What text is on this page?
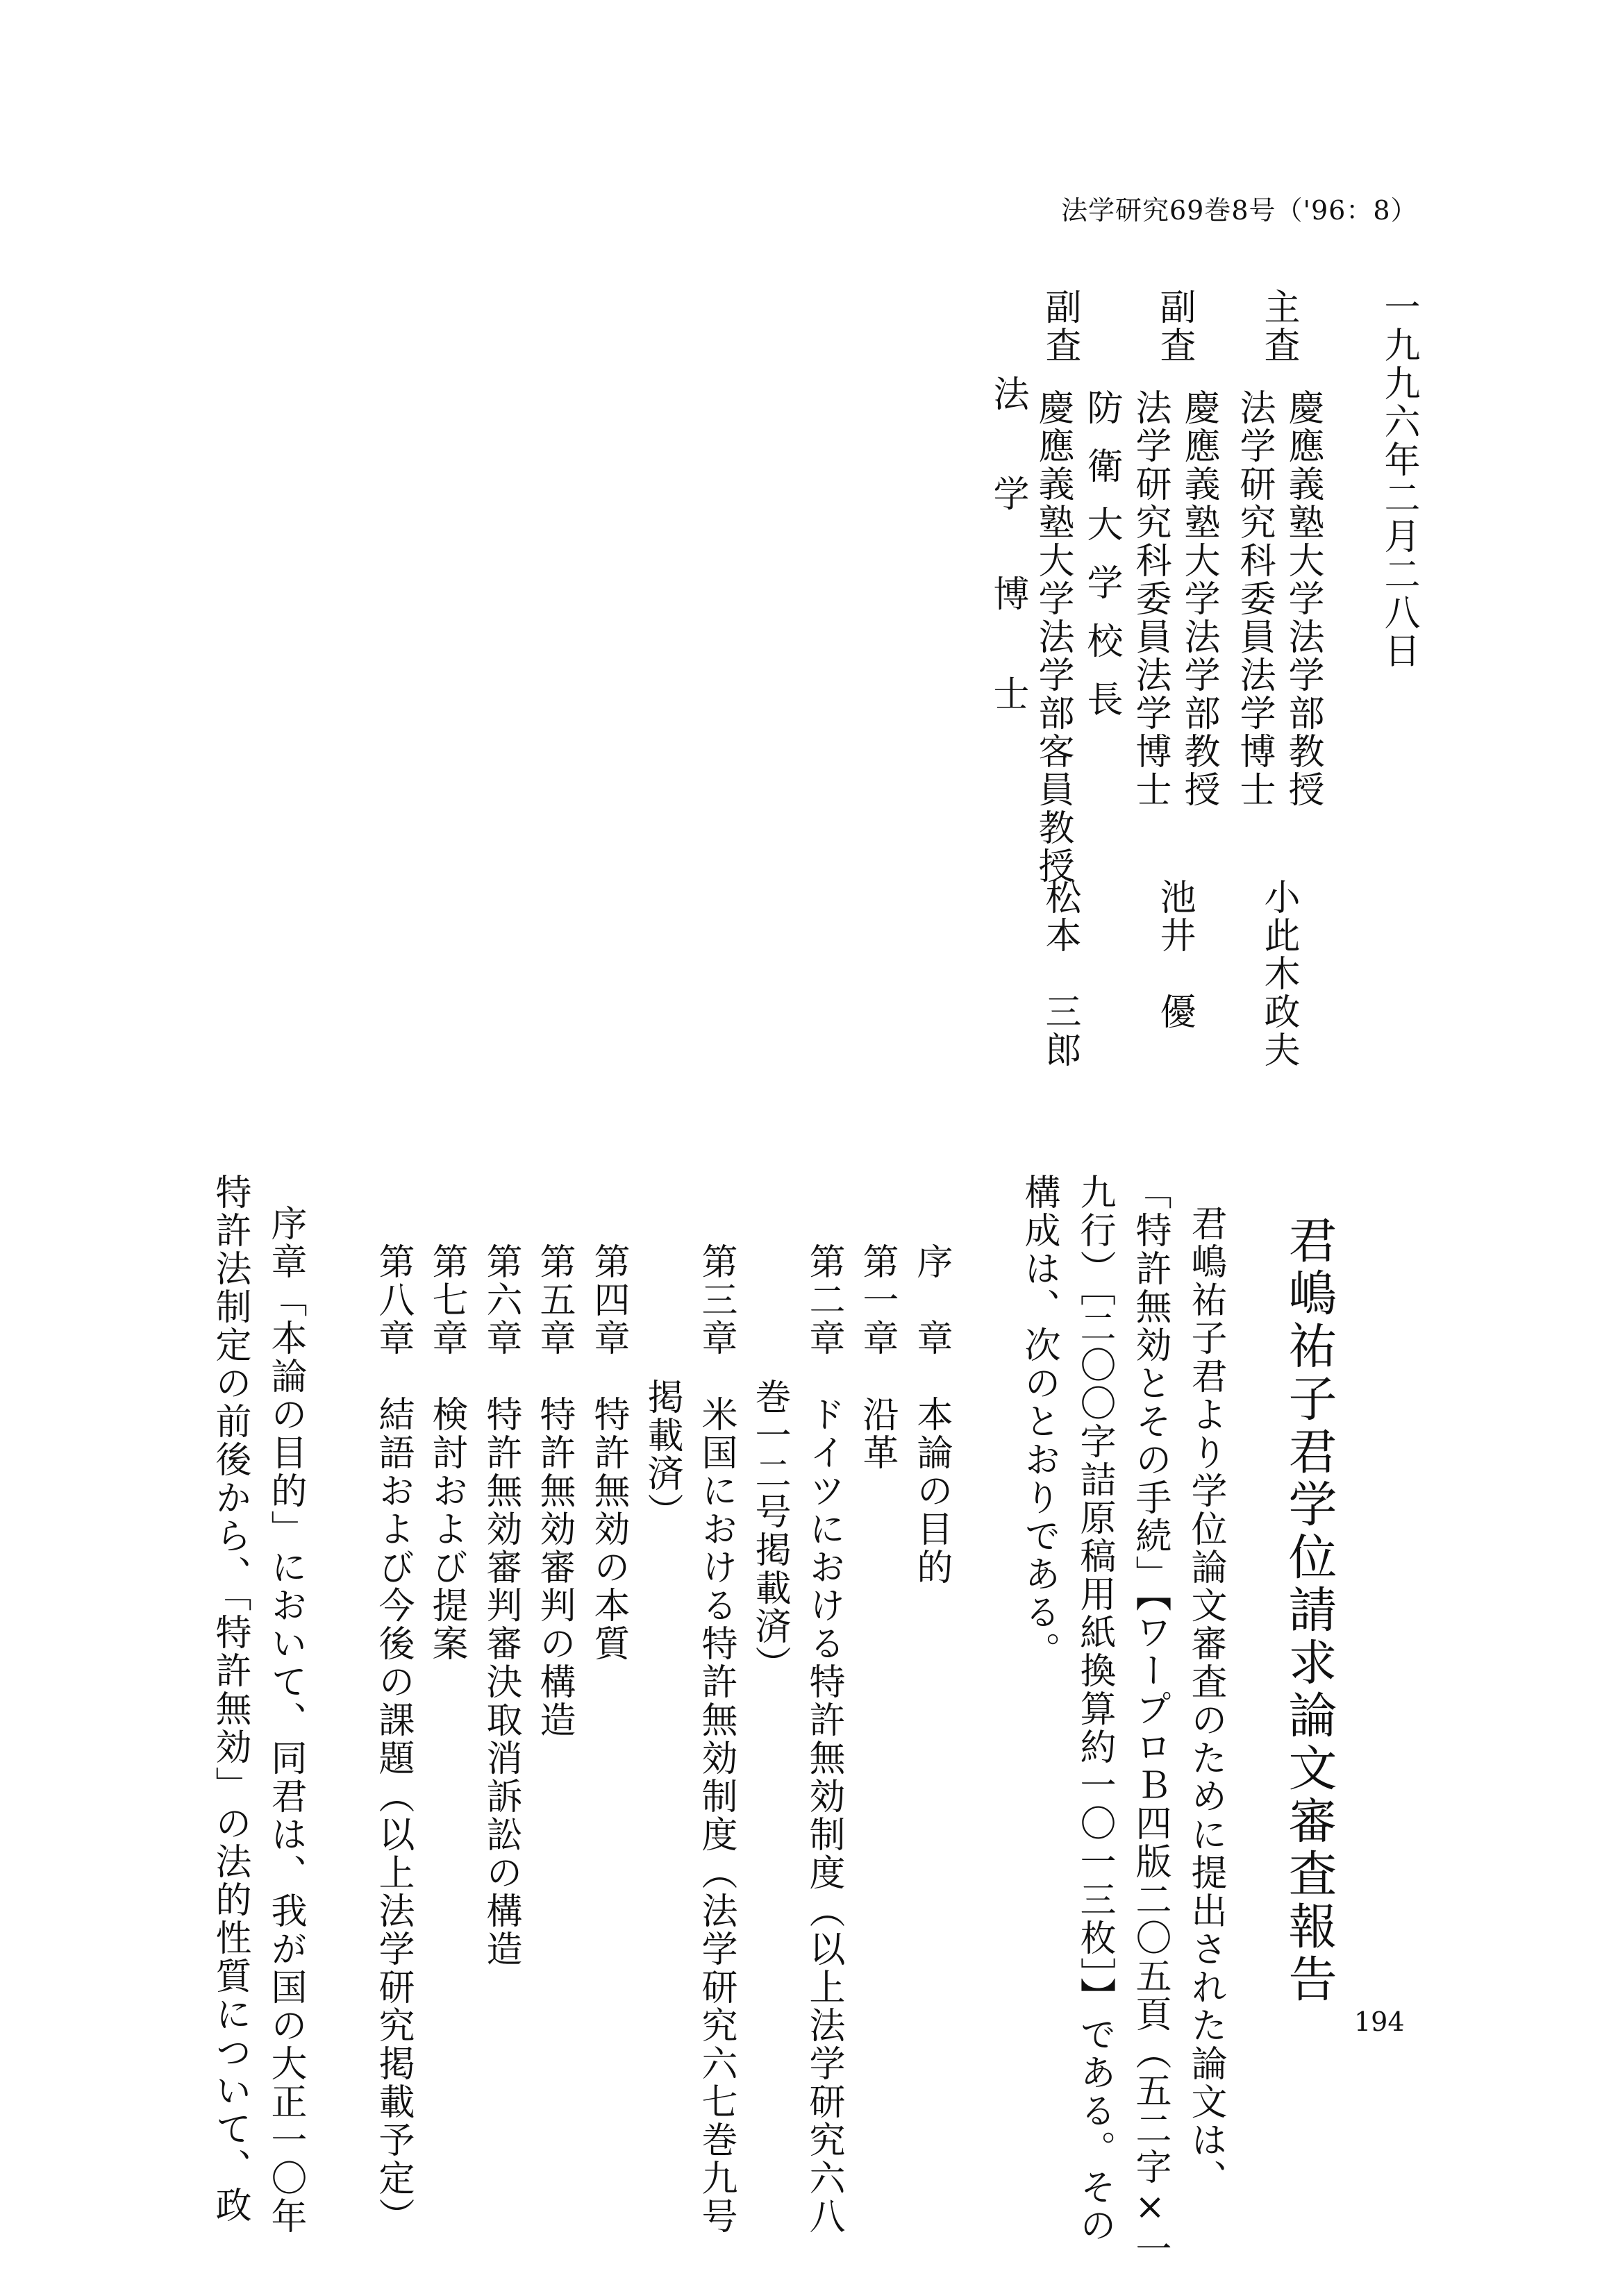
法学研究69巻8号（'96：8）
一九九六年二月二八日
主査
慶應義塾大学法学部教授
法学研究科委員法学博士
小此木政夫
副査
慶應義塾大学法学部教授
法学研究科委員法学博士
池井　優
副査
防衛大学校長
慶應義塾大学法学部客員教授
法学博士
松本　三郎
君嶋祐子君学位請求論文審査報告
君嶋祐子君より学位論文審査のために提出された論文は、
「特許無効とその手続」【ワープロＢ四版二〇五頁（五二字×一
九行）［二〇〇字詰原稿用紙換算約一〇一三枚］】である。その
構成は、次のとおりである。
序　章　本論の目的
第一章　沿革
第二章　ドイツにおける特許無効制度（以上法学研究六八
巻一二号掲載済）
第三章　米国における特許無効制度（法学研究六七巻九号
掲載済）
第四章　特許無効の本質
第五章　特許無効審判の構造
第六章　特許無効審判審決取消訴訟の構造
第七章　検討および提案
第八章　結語および今後の課題（以上法学研究掲載予定）
序章「本論の目的」において、同君は、我が国の大正一〇年
特許法制定の前後から、「特許無効」の法的性質について、政	194
